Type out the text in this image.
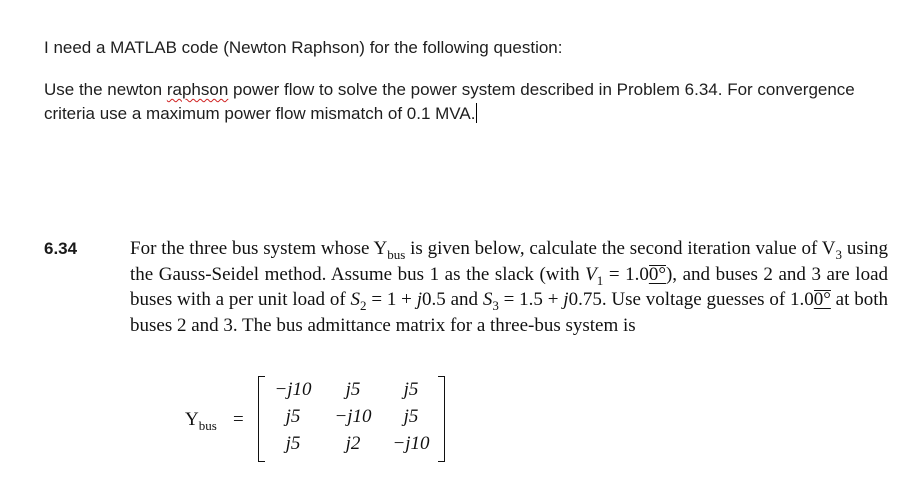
I need a MATLAB code (Newton Raphson) for the following question:
Use the newton raphson power flow to solve the power system described in Problem 6.34. For convergence criteria use a maximum power flow mismatch of 0.1 MVA.
6.34	For the three bus system whose $Y_{bus}$ is given below, calculate the second iteration value of $V_3$ using the Gauss-Seidel method. Assume bus 1 as the slack (with $V_1 = 1.00^\circ$), and buses 2 and 3 are load buses with a per unit load of $S_2 = 1 + j0.5$ and $S_3 = 1.5 + j0.75$. Use voltage guesses of 1.00° at both buses 2 and 3. The bus admittance matrix for a three-bus system is
$Y_{bus}$ =
−j10	j5	j5
j5	−j10	j5
j5	j2	−j10
